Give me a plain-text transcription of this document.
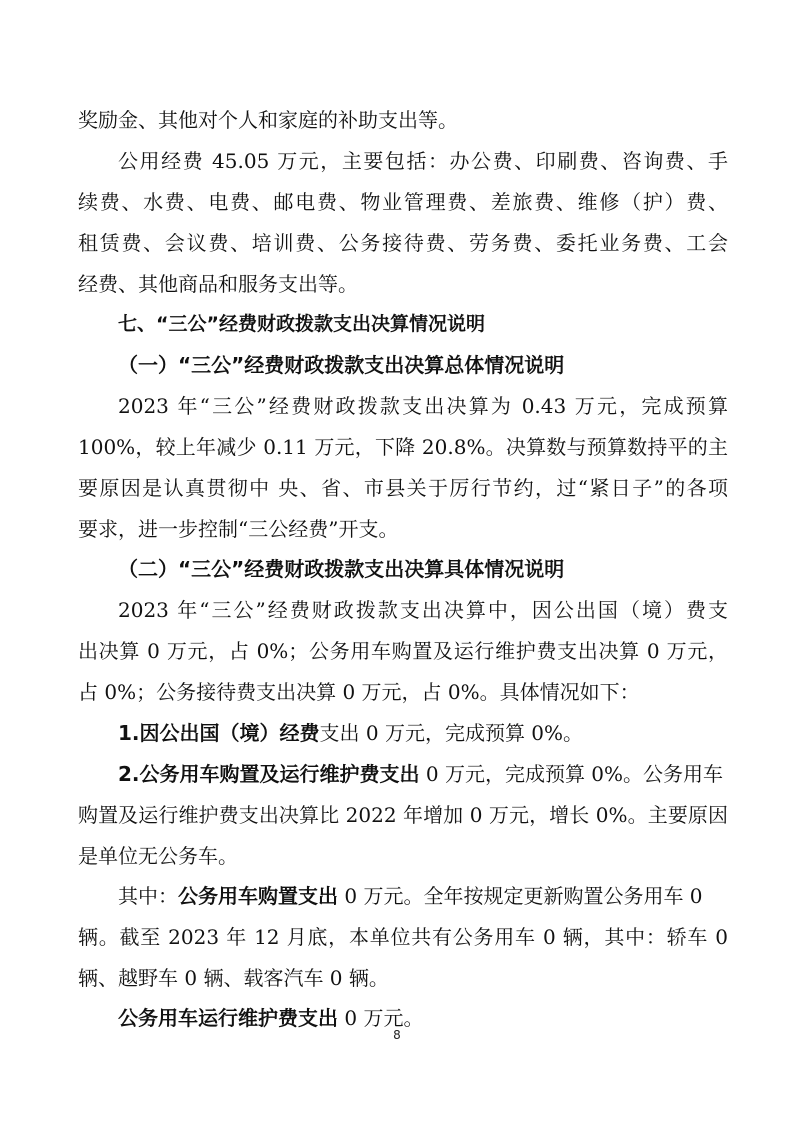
奖励金、其他对个人和家庭的补助支出等。

公用经费 45.05 万元，主要包括：办公费、印刷费、咨询费、手

续费、水费、电费、邮电费、物业管理费、差旅费、维修（护）费、

租赁费、会议费、培训费、公务接待费、劳务费、委托业务费、工会

经费、其他商品和服务支出等。

七、“三公”经费财政拨款支出决算情况说明

（一）“三公”经费财政拨款支出决算总体情况说明

2023 年“三公”经费财政拨款支出决算为 0.43 万元，完成预算

100%，较上年减少 0.11 万元，下降 20.8%。决算数与预算数持平的主

要原因是认真贯彻中 央、省、市县关于厉行节约，过“紧日子”的各项

要求，进一步控制“三公经费”开支。

（二）“三公”经费财政拨款支出决算具体情况说明

2023 年“三公”经费财政拨款支出决算中，因公出国（境）费支

出决算 0 万元，占 0%；公务用车购置及运行维护费支出决算 0 万元，

占 0%；公务接待费支出决算 0 万元，占 0%。具体情况如下：

1.因公出国（境）经费支出 0 万元，完成预算 0%。

2.公务用车购置及运行维护费支出 0 万元，完成预算 0%。公务用车

购置及运行维护费支出决算比 2022 年增加 0 万元，增长 0%。主要原因

是单位无公务车。

其中：公务用车购置支出 0 万元。全年按规定更新购置公务用车 0

辆。截至 2023 年 12 月底，本单位共有公务用车 0 辆，其中：轿车 0

辆、越野车 0 辆、载客汽车 0 辆。

公务用车运行维护费支出 0 万元。

8
